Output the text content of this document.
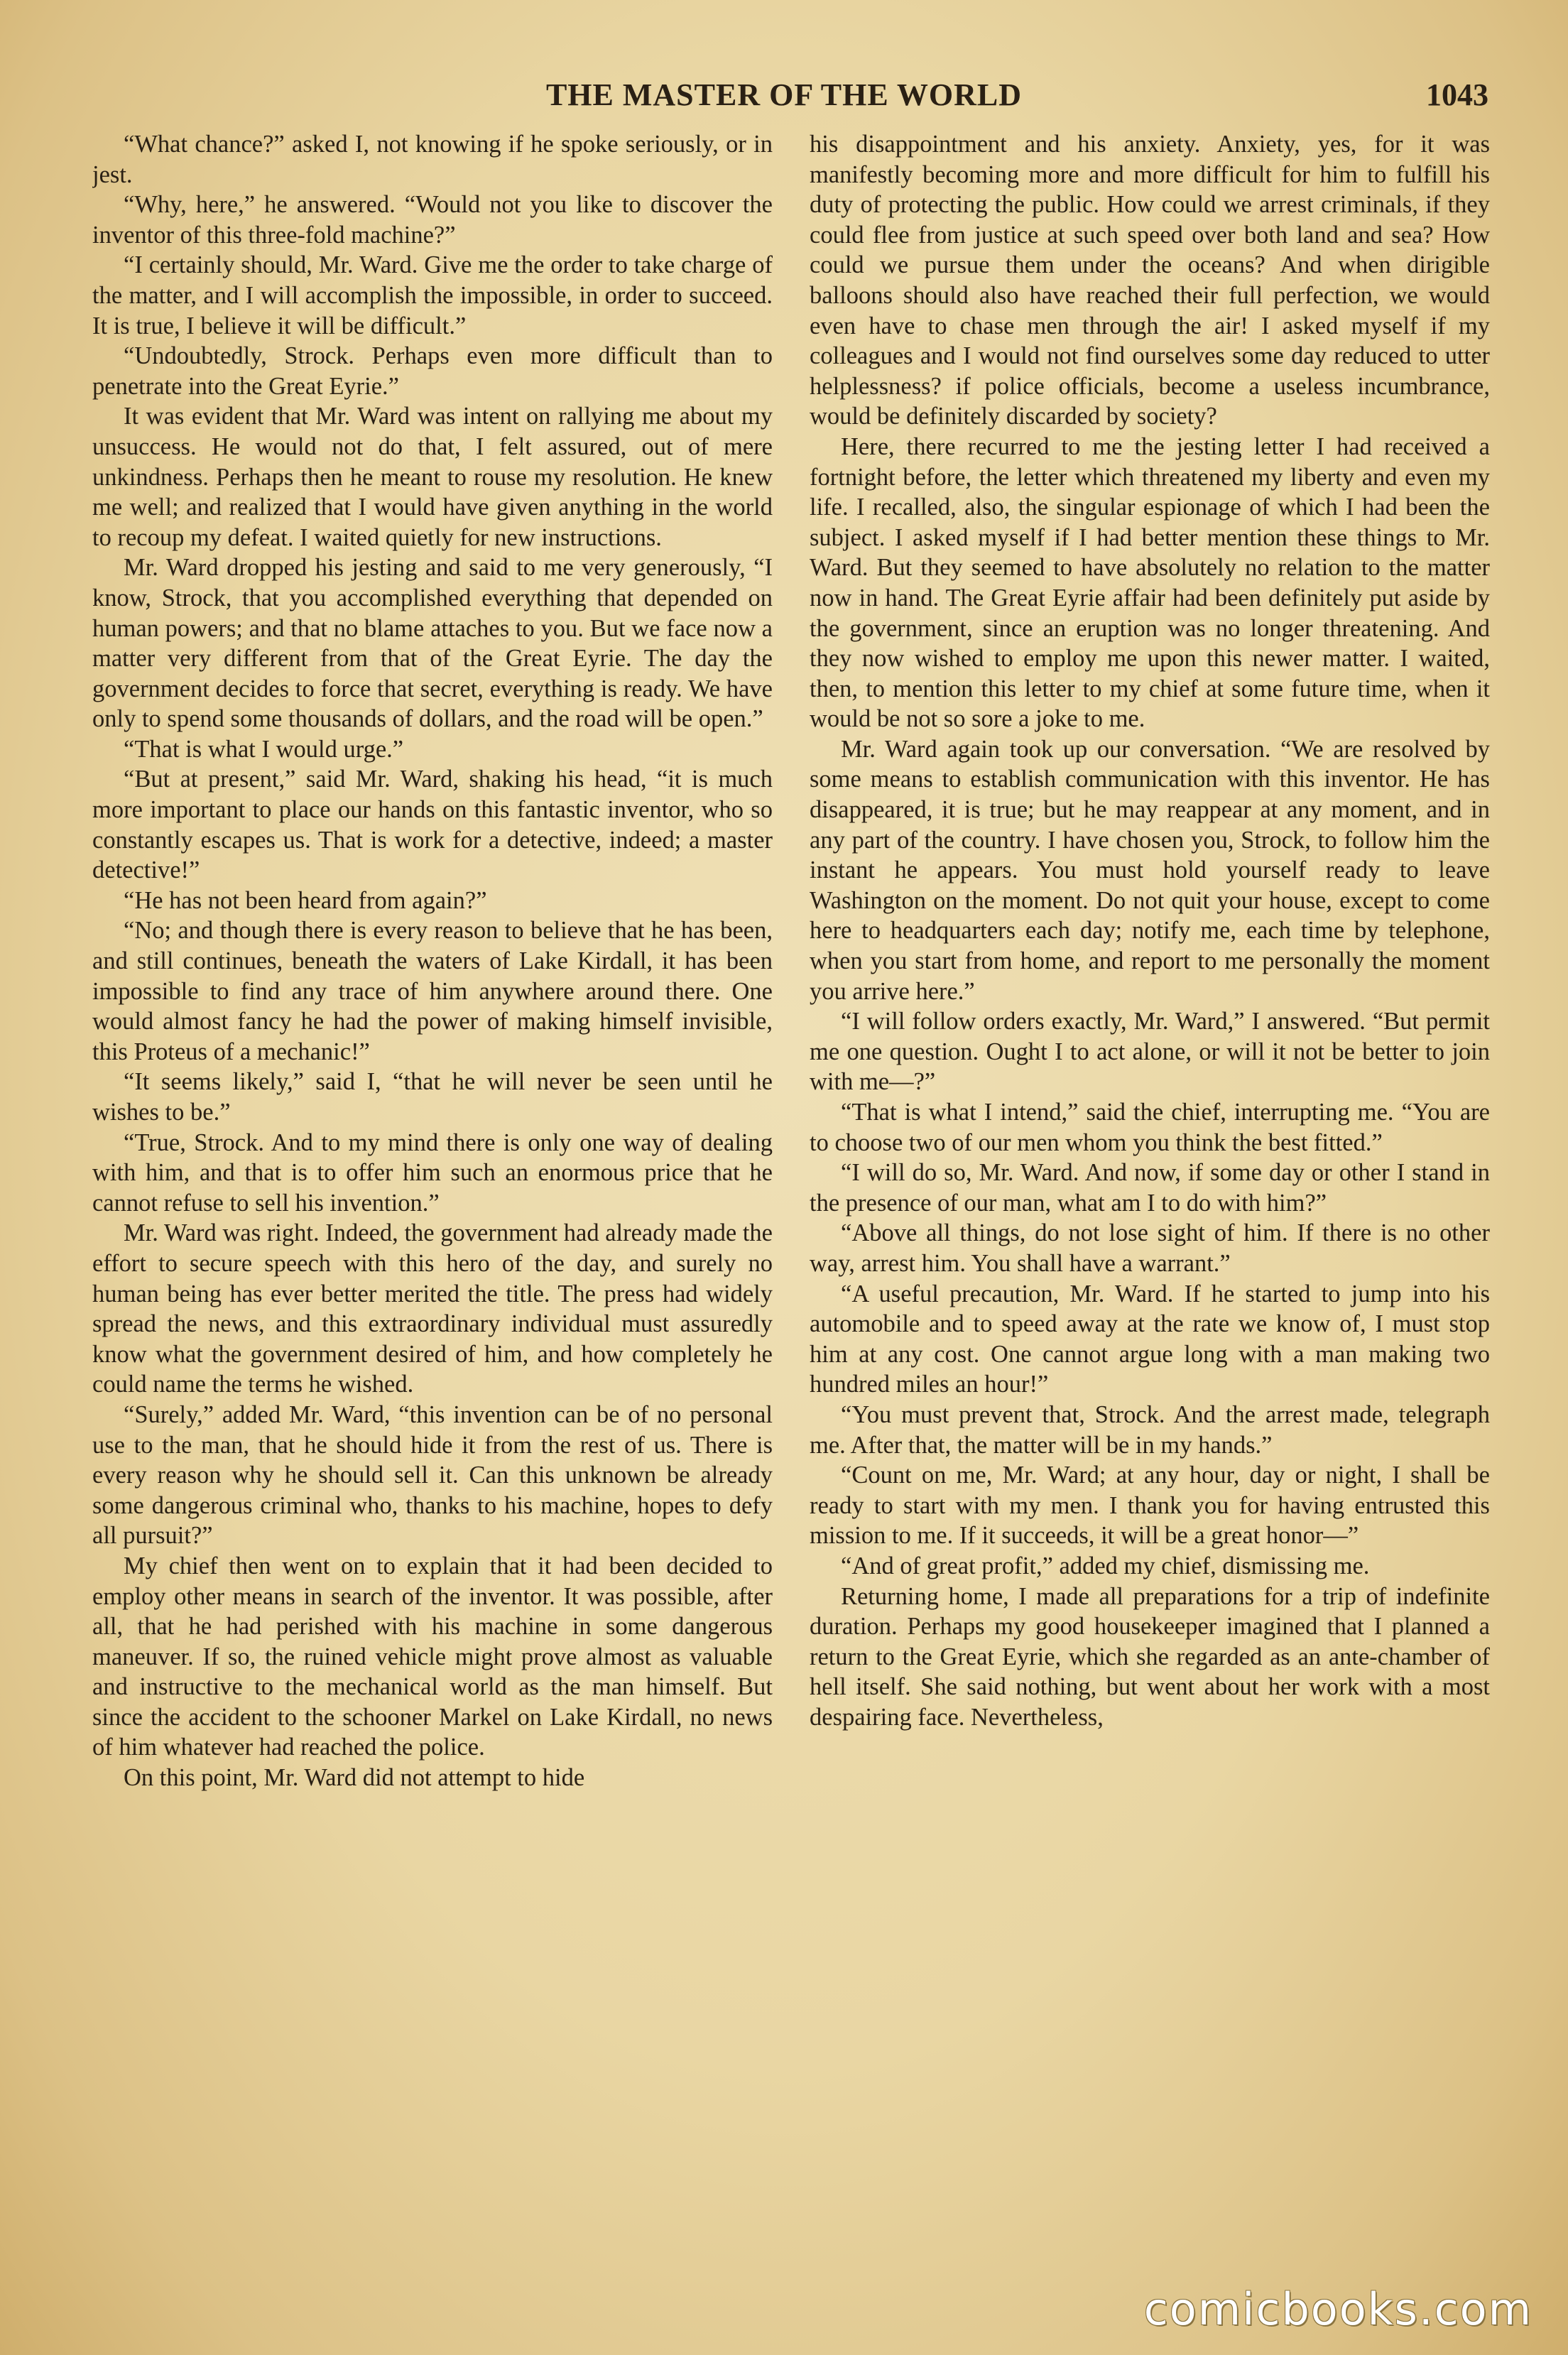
THE MASTER OF THE WORLD	1043

“What chance?” asked I, not knowing if he spoke seriously, or in jest.

“Why, here,” he answered. “Would not you like to discover the inventor of this three-fold machine?”

“I certainly should, Mr. Ward. Give me the order to take charge of the matter, and I will accomplish the impossible, in order to succeed. It is true, I believe it will be difficult.”

“Undoubtedly, Strock. Perhaps even more difficult than to penetrate into the Great Eyrie.”

It was evident that Mr. Ward was intent on rallying me about my unsuccess. He would not do that, I felt assured, out of mere unkindness. Perhaps then he meant to rouse my resolution. He knew me well; and realized that I would have given anything in the world to recoup my defeat. I waited quietly for new instructions.

Mr. Ward dropped his jesting and said to me very generously, “I know, Strock, that you accomplished everything that depended on human powers; and that no blame attaches to you. But we face now a matter very different from that of the Great Eyrie. The day the government decides to force that secret, everything is ready. We have only to spend some thousands of dollars, and the road will be open.”

“That is what I would urge.”

“But at present,” said Mr. Ward, shaking his head, “it is much more important to place our hands on this fantastic inventor, who so constantly escapes us. That is work for a detective, indeed; a master detective!”

“He has not been heard from again?”

“No; and though there is every reason to believe that he has been, and still continues, beneath the waters of Lake Kirdall, it has been impossible to find any trace of him anywhere around there. One would almost fancy he had the power of making himself invisible, this Proteus of a mechanic!”

“It seems likely,” said I, “that he will never be seen until he wishes to be.”

“True, Strock. And to my mind there is only one way of dealing with him, and that is to offer him such an enormous price that he cannot refuse to sell his invention.”

Mr. Ward was right. Indeed, the government had already made the effort to secure speech with this hero of the day, and surely no human being has ever better merited the title. The press had widely spread the news, and this extraordinary individual must assuredly know what the government desired of him, and how completely he could name the terms he wished.

“Surely,” added Mr. Ward, “this invention can be of no personal use to the man, that he should hide it from the rest of us. There is every reason why he should sell it. Can this unknown be already some dangerous criminal who, thanks to his machine, hopes to defy all pursuit?”

My chief then went on to explain that it had been decided to employ other means in search of the inventor. It was possible, after all, that he had perished with his machine in some dangerous maneuver. If so, the ruined vehicle might prove almost as valuable and instructive to the mechanical world as the man himself. But since the accident to the schooner Markel on Lake Kirdall, no news of him whatever had reached the police.

On this point, Mr. Ward did not attempt to hide

his disappointment and his anxiety. Anxiety, yes, for it was manifestly becoming more and more difficult for him to fulfill his duty of protecting the public. How could we arrest criminals, if they could flee from justice at such speed over both land and sea? How could we pursue them under the oceans? And when dirigible balloons should also have reached their full perfection, we would even have to chase men through the air! I asked myself if my colleagues and I would not find ourselves some day reduced to utter helplessness? if police officials, become a useless incumbrance, would be definitely discarded by society?

Here, there recurred to me the jesting letter I had received a fortnight before, the letter which threatened my liberty and even my life. I recalled, also, the singular espionage of which I had been the subject. I asked myself if I had better mention these things to Mr. Ward. But they seemed to have absolutely no relation to the matter now in hand. The Great Eyrie affair had been definitely put aside by the government, since an eruption was no longer threatening. And they now wished to employ me upon this newer matter. I waited, then, to mention this letter to my chief at some future time, when it would be not so sore a joke to me.

Mr. Ward again took up our conversation. “We are resolved by some means to establish communication with this inventor. He has disappeared, it is true; but he may reappear at any moment, and in any part of the country. I have chosen you, Strock, to follow him the instant he appears. You must hold yourself ready to leave Washington on the moment. Do not quit your house, except to come here to headquarters each day; notify me, each time by telephone, when you start from home, and report to me personally the moment you arrive here.”

“I will follow orders exactly, Mr. Ward,” I answered. “But permit me one question. Ought I to act alone, or will it not be better to join with me—?”

“That is what I intend,” said the chief, interrupting me. “You are to choose two of our men whom you think the best fitted.”

“I will do so, Mr. Ward. And now, if some day or other I stand in the presence of our man, what am I to do with him?”

“Above all things, do not lose sight of him. If there is no other way, arrest him. You shall have a warrant.”

“A useful precaution, Mr. Ward. If he started to jump into his automobile and to speed away at the rate we know of, I must stop him at any cost. One cannot argue long with a man making two hundred miles an hour!”

“You must prevent that, Strock. And the arrest made, telegraph me. After that, the matter will be in my hands.”

“Count on me, Mr. Ward; at any hour, day or night, I shall be ready to start with my men. I thank you for having entrusted this mission to me. If it succeeds, it will be a great honor—”

“And of great profit,” added my chief, dismissing me.

Returning home, I made all preparations for a trip of indefinite duration. Perhaps my good housekeeper imagined that I planned a return to the Great Eyrie, which she regarded as an ante-chamber of hell itself. She said nothing, but went about her work with a most despairing face. Nevertheless,

comicbooks.com
